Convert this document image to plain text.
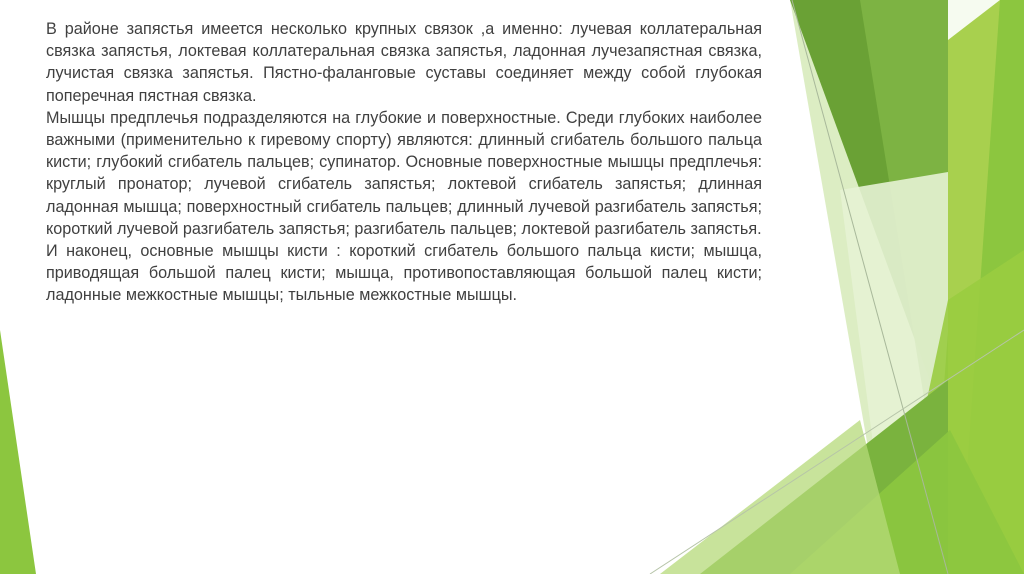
В районе запястья имеется несколько крупных связок ,а именно: лучевая коллатеральная связка запястья, локтевая коллатеральная связка запястья, ладонная лучезапястная связка, лучистая связка запястья. Пястно-фаланговые суставы соединяет между собой глубокая поперечная пястная связка.

Мышцы предплечья подразделяются на глубокие и поверхностные. Среди глубоких наиболее важными (применительно к гиревому спорту) являются: длинный сгибатель большого пальца кисти; глубокий сгибатель пальцев; супинатор. Основные поверхностные мышцы предплечья: круглый пронатор; лучевой сгибатель запястья; локтевой сгибатель запястья; длинная ладонная мышца; поверхностный сгибатель пальцев; длинный лучевой разгибатель запястья; короткий лучевой разгибатель запястья; разгибатель пальцев; локтевой разгибатель запястья.

И наконец, основные мышцы кисти : короткий сгибатель большого пальца кисти; мышца, приводящая большой палец кисти; мышца, противопоставляющая большой палец кисти; ладонные межкостные мышцы; тыльные межкостные мышцы.
